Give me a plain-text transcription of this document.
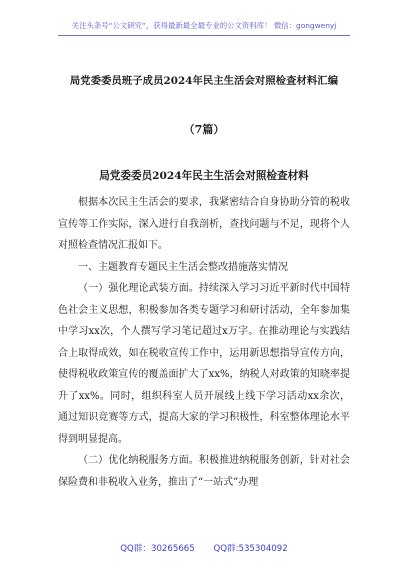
关注头条号“公文研究”，获得最新最全最专业的公文资料库！ 微信：gongwenyj
局党委委员班子成员2024年民主生活会对照检查材料汇编
（7篇）
局党委委员2024年民主生活会对照检查材料

根据本次民主生活会的要求，我紧密结合自身协助分管的税收宣传等工作实际，深入进行自我剖析，查找问题与不足，现将个人对照检查情况汇报如下。

一、主题教育专题民主生活会整改措施落实情况

（一）强化理论武装方面。持续深入学习习近平新时代中国特色社会主义思想，积极参加各类专题学习和研讨活动，全年参加集中学习xx次，个人撰写学习笔记超过x万字。在推动理论与实践结合上取得成效，如在税收宣传工作中，运用新思想指导宣传方向，使得税收政策宣传的覆盖面扩大了xx%，纳税人对政策的知晓率提升了xx%。同时，组织科室人员开展线上线下学习活动xx余次，通过知识竞赛等方式，提高大家的学习积极性，科室整体理论水平得到明显提高。

（二）优化纳税服务方面。积极推进纳税服务创新，针对社会保险费和非税收入业务，推出了“一站式”办理

QQ群：30265665 QQ群:535304092
